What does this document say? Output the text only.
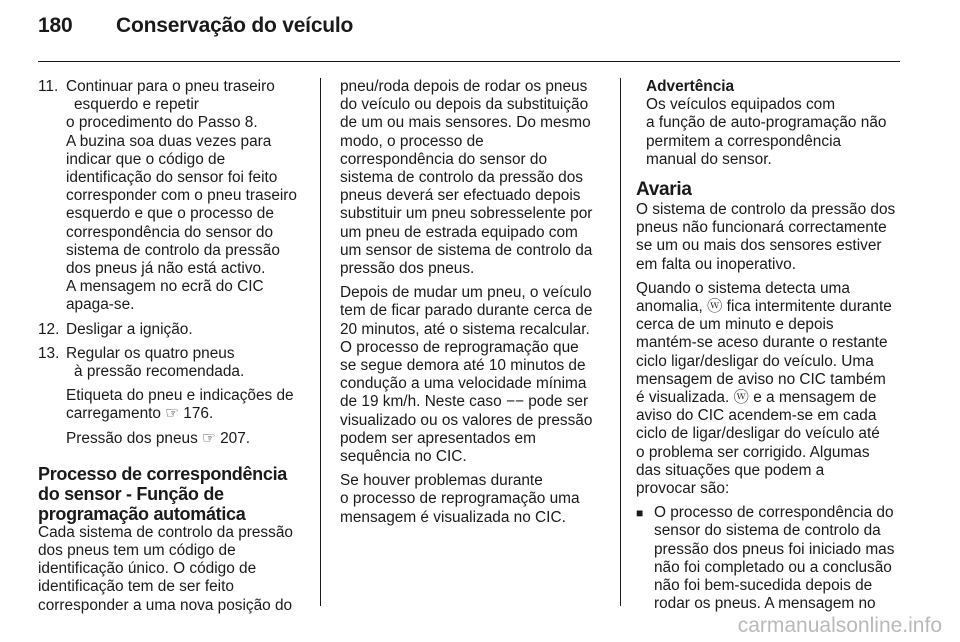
180 Conservação do veículo
11. Continuar para o pneu traseiro
esquerdo e repetir
o procedimento do Passo 8.
A buzina soa duas vezes para
indicar que o código de
identificação do sensor foi feito
corresponder com o pneu traseiro
esquerdo e que o processo de
correspondência do sensor do
sistema de controlo da pressão
dos pneus já não está activo.
A mensagem no ecrã do CIC
apaga-se.
12. Desligar a ignição.
13. Regular os quatro pneus
à pressão recomendada.
Etiqueta do pneu e indicações de
carregamento ☞ 176.
Pressão dos pneus ☞ 207.
Processo de correspondência
do sensor - Função de
programação automática
Cada sistema de controlo da pressão
dos pneus tem um código de
identificação único. O código de
identificação tem de ser feito
corresponder a uma nova posição do
pneu/roda depois de rodar os pneus
do veículo ou depois da substituição
de um ou mais sensores. Do mesmo
modo, o processo de
correspondência do sensor do
sistema de controlo da pressão dos
pneus deverá ser efectuado depois
substituir um pneu sobresselente por
um pneu de estrada equipado com
um sensor de sistema de controlo da
pressão dos pneus.
Depois de mudar um pneu, o veículo
tem de ficar parado durante cerca de
20 minutos, até o sistema recalcular.
O processo de reprogramação que
se segue demora até 10 minutos de
condução a uma velocidade mínima
de 19 km/h. Neste caso −− pode ser
visualizado ou os valores de pressão
podem ser apresentados em
sequência no CIC.
Se houver problemas durante
o processo de reprogramação uma
mensagem é visualizada no CIC.
Advertência
Os veículos equipados com
a função de auto-programação não
permitem a correspondência
manual do sensor.
Avaria
O sistema de controlo da pressão dos
pneus não funcionará correctamente
se um ou mais dos sensores estiver
em falta ou inoperativo.
Quando o sistema detecta uma
anomalia, ⓦ fica intermitente durante
cerca de um minuto e depois
mantém-se aceso durante o restante
ciclo ligar/desligar do veículo. Uma
mensagem de aviso no CIC também
é visualizada. ⓦ e a mensagem de
aviso do CIC acendem-se em cada
ciclo de ligar/desligar do veículo até
o problema ser corrigido. Algumas
das situações que podem a
provocar são:
■ O processo de correspondência do
sensor do sistema de controlo da
pressão dos pneus foi iniciado mas
não foi completado ou a conclusão
não foi bem-sucedida depois de
rodar os pneus. A mensagem no
carmanualsonline.info
